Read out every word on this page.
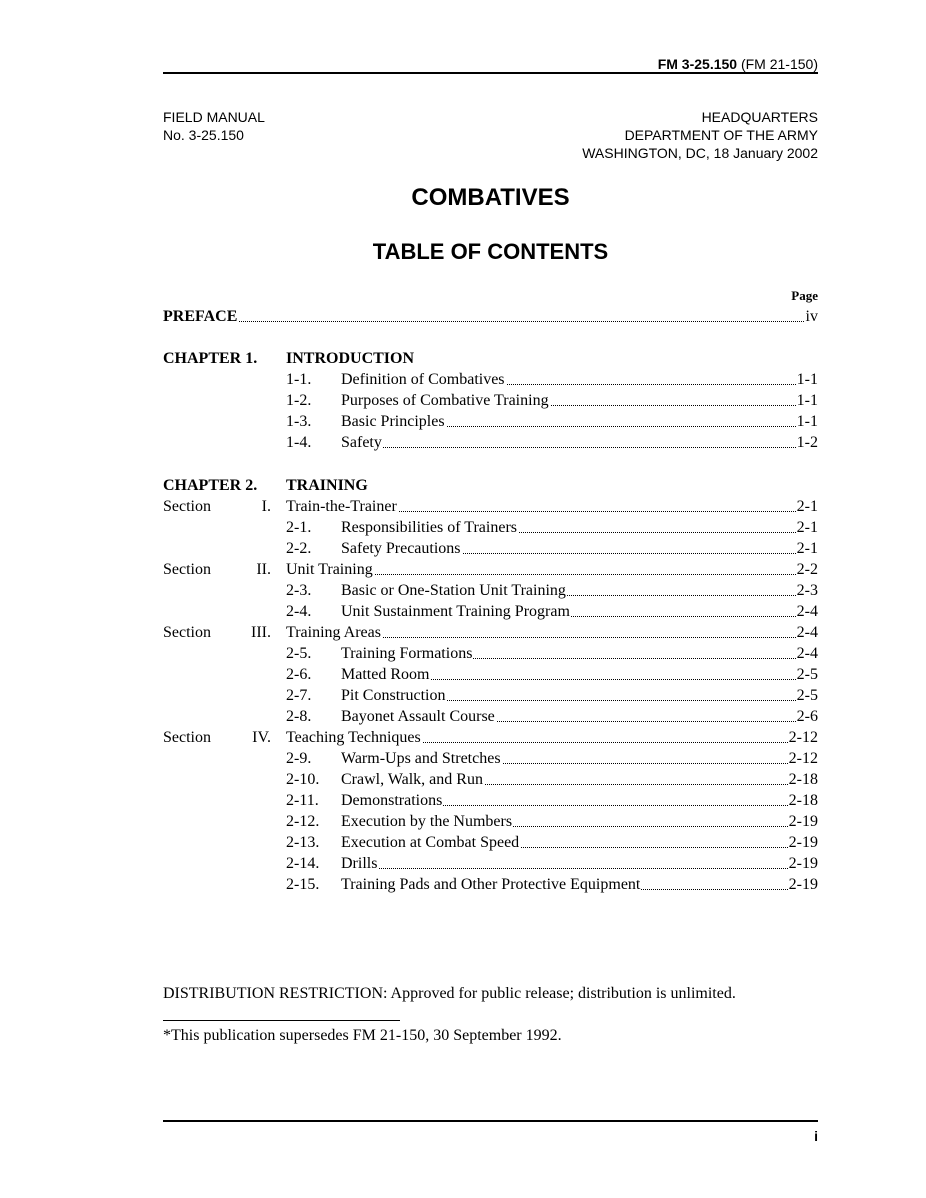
FM 3-25.150 (FM 21-150)
FIELD MANUAL
No. 3-25.150
HEADQUARTERS
DEPARTMENT OF THE ARMY
WASHINGTON, DC, 18 January 2002
COMBATIVES
TABLE OF CONTENTS
Page
PREFACE	iv
CHAPTER 1. INTRODUCTION
1-1. Definition of Combatives	1-1
1-2. Purposes of Combative Training	1-1
1-3. Basic Principles	1-1
1-4. Safety	1-2
CHAPTER 2. TRAINING
Section	I. Train-the-Trainer	2-1
2-1. Responsibilities of Trainers	2-1
2-2. Safety Precautions	2-1
Section	II. Unit Training	2-2
2-3. Basic or One-Station Unit Training	2-3
2-4. Unit Sustainment Training Program	2-4
Section	III. Training Areas	2-4
2-5. Training Formations	2-4
2-6. Matted Room	2-5
2-7. Pit Construction	2-5
2-8. Bayonet Assault Course	2-6
Section	IV. Teaching Techniques	2-12
2-9. Warm-Ups and Stretches	2-12
2-10. Crawl, Walk, and Run	2-18
2-11. Demonstrations	2-18
2-12. Execution by the Numbers	2-19
2-13. Execution at Combat Speed	2-19
2-14. Drills	2-19
2-15. Training Pads and Other Protective Equipment	2-19
DISTRIBUTION RESTRICTION: Approved for public release; distribution is unlimited.
*This publication supersedes FM 21-150, 30 September 1992.
i
